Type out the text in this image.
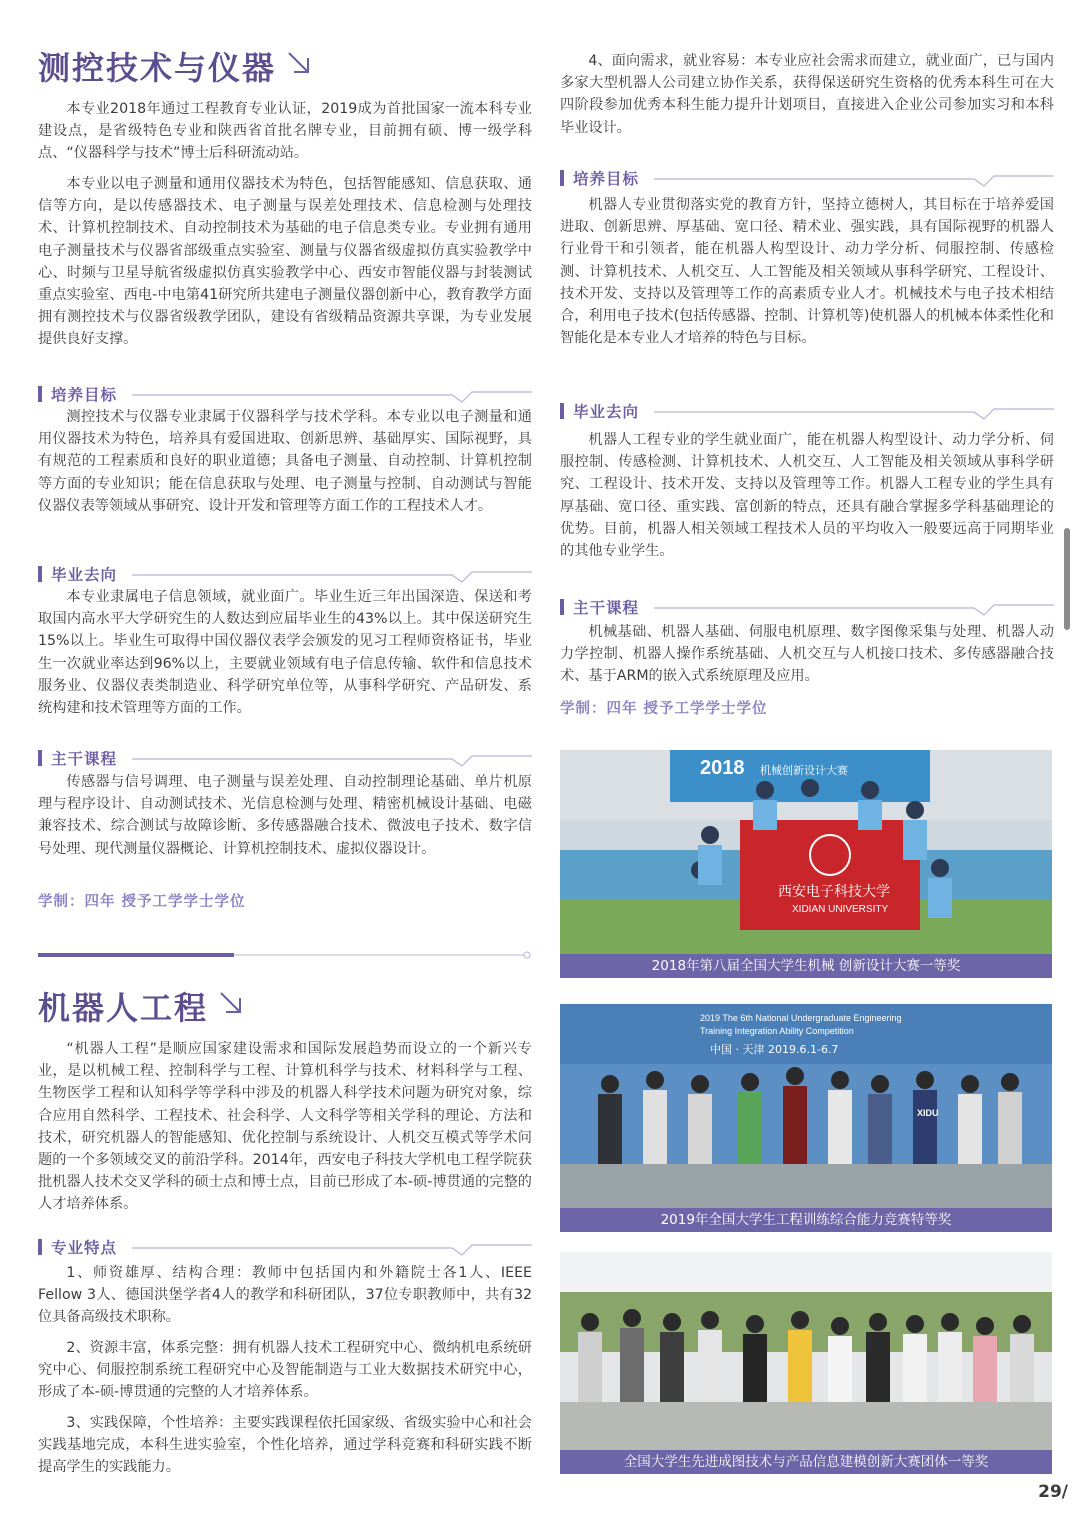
测控技术与仪器

本专业2018年通过工程教育专业认证，2019成为首批国家一流本科专业建设点，是省级特色专业和陕西省首批名牌专业，目前拥有硕、博一级学科点、“仪器科学与技术”博士后科研流动站。

本专业以电子测量和通用仪器技术为特色，包括智能感知、信息获取、通信等方向，是以传感器技术、电子测量与误差处理技术、信息检测与处理技术、计算机控制技术、自动控制技术为基础的电子信息类专业。专业拥有通用电子测量技术与仪器省部级重点实验室、测量与仪器省级虚拟仿真实验教学中心、时频与卫星导航省级虚拟仿真实验教学中心、西安市智能仪器与封装测试重点实验室、西电-中电第41研究所共建电子测量仪器创新中心，教育教学方面拥有测控技术与仪器省级教学团队，建设有省级精品资源共享课，为专业发展提供良好支撑。

培养目标

测控技术与仪器专业隶属于仪器科学与技术学科。本专业以电子测量和通用仪器技术为特色，培养具有爱国进取、创新思辨、基础厚实、国际视野，具有规范的工程素质和良好的职业道德；具备电子测量、自动控制、计算机控制等方面的专业知识；能在信息获取与处理、电子测量与控制、自动测试与智能仪器仪表等领域从事研究、设计开发和管理等方面工作的工程技术人才。

毕业去向

本专业隶属电子信息领域，就业面广。毕业生近三年出国深造、保送和考取国内高水平大学研究生的人数达到应届毕业生的43%以上。其中保送研究生15%以上。毕业生可取得中国仪器仪表学会颁发的见习工程师资格证书，毕业生一次就业率达到96%以上，主要就业领域有电子信息传输、软件和信息技术服务业、仪器仪表类制造业、科学研究单位等，从事科学研究、产品研发、系统构建和技术管理等方面的工作。

主干课程

传感器与信号调理、电子测量与误差处理、自动控制理论基础、单片机原理与程序设计、自动测试技术、光信息检测与处理、精密机械设计基础、电磁兼容技术、综合测试与故障诊断、多传感器融合技术、微波电子技术、数字信号处理、现代测量仪器概论、计算机控制技术、虚拟仪器设计。

学制：四年 授予工学学士学位
机器人工程

“机器人工程”是顺应国家建设需求和国际发展趋势而设立的一个新兴专业，是以机械工程、控制科学与工程、计算机科学与技术、材料科学与工程、生物医学工程和认知科学等学科中涉及的机器人科学技术问题为研究对象，综合应用自然科学、工程技术、社会科学、人文科学等相关学科的理论、方法和技术，研究机器人的智能感知、优化控制与系统设计、人机交互模式等学术问题的一个多领域交叉的前沿学科。2014年，西安电子科技大学机电工程学院获批机器人技术交叉学科的硕士点和博士点，目前已形成了本-硕-博贯通的完整的人才培养体系。

专业特点

1、师资雄厚、结构合理：教师中包括国内和外籍院士各1人、IEEE Fellow 3人、德国洪堡学者4人的教学和科研团队，37位专职教师中，共有32位具备高级技术职称。

2、资源丰富，体系完整：拥有机器人技术工程研究中心、微纳机电系统研究中心、伺服控制系统工程研究中心及智能制造与工业大数据技术研究中心，形成了本-硕-博贯通的完整的人才培养体系。

3、实践保障，个性培养：主要实践课程依托国家级、省级实验中心和社会实践基地完成，本科生进实验室，个性化培养，通过学科竞赛和科研实践不断提高学生的实践能力。

4、面向需求，就业容易：本专业应社会需求而建立，就业面广，已与国内多家大型机器人公司建立协作关系，获得保送研究生资格的优秀本科生可在大四阶段参加优秀本科生能力提升计划项目，直接进入企业公司参加实习和本科毕业设计。

培养目标

机器人专业贯彻落实党的教育方针，坚持立德树人，其目标在于培养爱国进取、创新思辨、厚基础、宽口径、精术业、强实践，具有国际视野的机器人行业骨干和引领者，能在机器人构型设计、动力学分析、伺服控制、传感检测、计算机技术、人机交互、人工智能及相关领域从事科学研究、工程设计、技术开发、支持以及管理等工作的高素质专业人才。机械技术与电子技术相结合，利用电子技术(包括传感器、控制、计算机等)使机器人的机械本体柔性化和智能化是本专业人才培养的特色与目标。

毕业去向

机器人工程专业的学生就业面广，能在机器人构型设计、动力学分析、伺服控制、传感检测、计算机技术、人机交互、人工智能及相关领域从事科学研究、工程设计、技术开发、支持以及管理等工作。机器人工程专业的学生具有厚基础、宽口径、重实践、富创新的特点，还具有融合掌握多学科基础理论的优势。目前，机器人相关领域工程技术人员的平均收入一般要远高于同期毕业的其他专业学生。

主干课程

机械基础、机器人基础、伺服电机原理、数字图像采集与处理、机器人动力学控制、机器人操作系统基础、人机交互与人机接口技术、多传感器融合技术、基于ARM的嵌入式系统原理及应用。

学制：四年 授予工学学士学位
2018 机械创新设计大赛
西安电子科技大学
XIDIAN UNIVERSITY
2018年第八届全国大学生机械 创新设计大赛一等奖
2019 The 6th National Undergraduate Engineering
Training Integration Ability Competition
中国 · 天津 2019.6.1-6.7
XIDU
2019年全国大学生工程训练综合能力竞赛特等奖
全国大学生先进成图技术与产品信息建模创新大赛团体一等奖
29/
